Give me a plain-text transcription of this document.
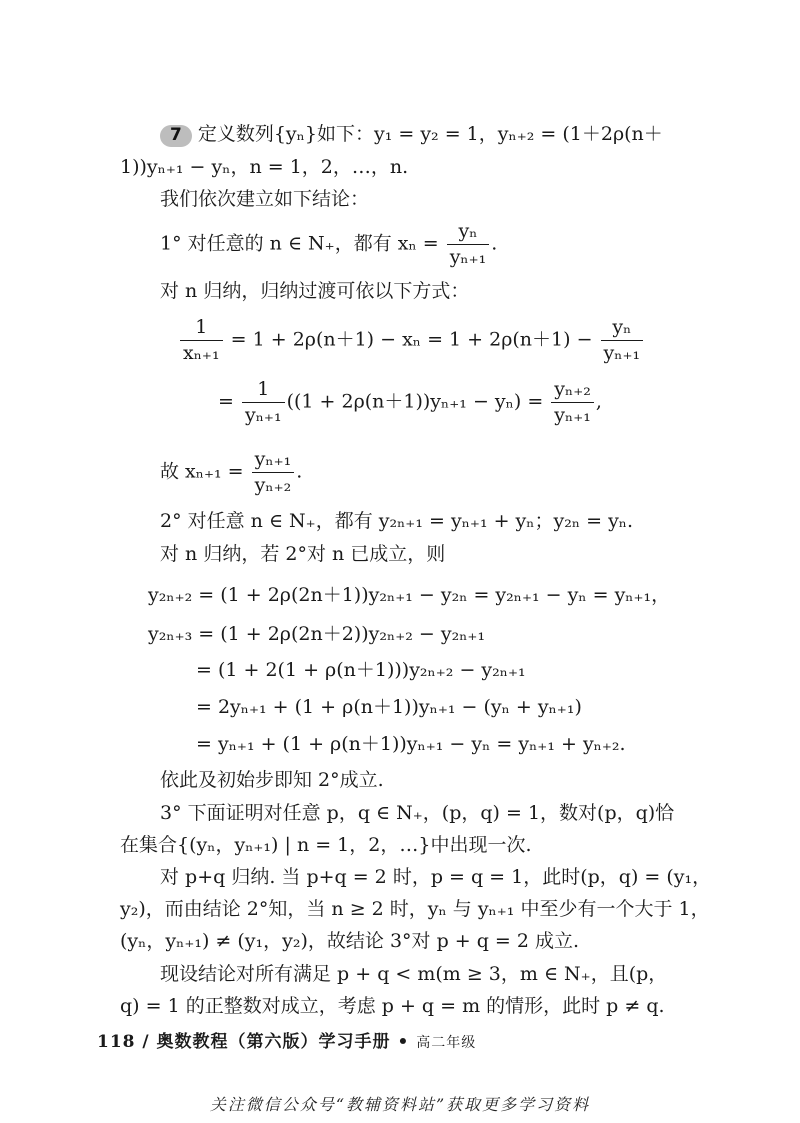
7 定义数列{yₙ}如下：y₁ = y₂ = 1，yₙ₊₂ = (1＋2ρ(n＋
1))yₙ₊₁ − yₙ，n = 1，2，…，n.
我们依次建立如下结论：
1° 对任意的 n ∈ N₊，都有 $x_n = \frac{\text{yₙ}}{\text{yₙ₊₁}}$ .
对 n 归纳，归纳过渡可依以下方式：
$\frac{1}{\text{xₙ₊₁}} = 1 + 2\rho(n+1) - x_n = 1 + 2\rho(n+1) - \frac{\text{yₙ}}{\text{yₙ₊₁}}$
= $\frac{1}{\text{yₙ₊₁}} ((1 + 2\rho(n+1))y_{n+1} - y_n) = \frac{\text{yₙ₊₂}}{\text{yₙ₊₁}}$ ,
故 $x_{n+1} = \frac{\text{yₙ₊₁}}{\text{yₙ₊₂}}$ .
2° 对任意 n ∈ N₊，都有 y₂ₙ₊₁ = yₙ₊₁ + yₙ；y₂ₙ = yₙ.
对 n 归纳，若 2°对 n 已成立，则
y₂ₙ₊₂ = (1 + 2ρ(2n＋1))y₂ₙ₊₁ − y₂ₙ = y₂ₙ₊₁ − yₙ = yₙ₊₁，
y₂ₙ₊₃ = (1 + 2ρ(2n＋2))y₂ₙ₊₂ − y₂ₙ₊₁
= (1 + 2(1 + ρ(n＋1)))y₂ₙ₊₂ − y₂ₙ₊₁
= 2yₙ₊₁ + (1 + ρ(n＋1))yₙ₊₁ − (yₙ + yₙ₊₁)
= yₙ₊₁ + (1 + ρ(n＋1))yₙ₊₁ − yₙ = yₙ₊₁ + yₙ₊₂.
依此及初始步即知 2°成立.
3° 下面证明对任意 p，q ∈ N₊，(p，q) = 1，数对(p，q)恰
在集合{(yₙ，yₙ₊₁) | n = 1，2，…}中出现一次.
对 p+q 归纳. 当 p+q = 2 时，p = q = 1，此时(p，q) = (y₁，
y₂)，而由结论 2°知，当 n ≥ 2 时，yₙ 与 yₙ₊₁ 中至少有一个大于 1，
(yₙ，yₙ₊₁) ≠ (y₁，y₂)，故结论 3°对 p + q = 2 成立.
现设结论对所有满足 p + q < m(m ≥ 3，m ∈ N₊，且(p，
q) = 1 的正整数对成立，考虑 p + q = m 的情形，此时 p ≠ q.
118 / 奥数教程（第六版）学习手册 • 高二年级
关注微信公众号“教辅资料站”获取更多学习资料
